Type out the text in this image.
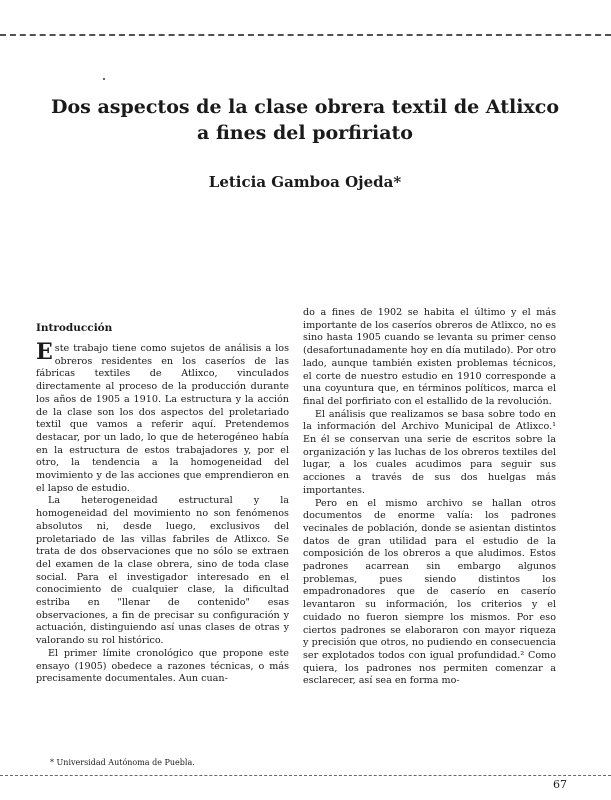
Dos aspectos de la clase obrera textil de Atlixco
a fines del porfiriato
Leticia Gamboa Ojeda*
Introducción

Este trabajo tiene como sujetos de análisis a los obreros residentes en los caseríos de las fábricas textiles de Atlixco, vinculados directamente al proceso de la producción durante los años de 1905 a 1910. La estructura y la acción de la clase son los dos aspectos del proletariado textil que vamos a referir aquí. Pretendemos destacar, por un lado, lo que de heterogéneo había en la estructura de estos trabajadores y, por el otro, la tendencia a la homogeneidad del movimiento y de las acciones que emprendieron en el lapso de estudio.

La heterogeneidad estructural y la homogeneidad del movimiento no son fenómenos absolutos ni, desde luego, exclusivos del proletariado de las villas fabriles de Atlixco. Se trata de dos observaciones que no sólo se extraen del examen de la clase obrera, sino de toda clase social. Para el investigador interesado en el conocimiento de cualquier clase, la dificultad estriba en "llenar de contenido" esas observaciones, a fin de precisar su configuración y actuación, distinguiendo así unas clases de otras y valorando su rol histórico.

El primer límite cronológico que propone este ensayo (1905) obedece a razones técnicas, o más precisamente documentales. Aun cuan-

do a fines de 1902 se habita el último y el más importante de los caseríos obreros de Atlixco, no es sino hasta 1905 cuando se levanta su primer censo (desafortunadamente hoy en día mutilado). Por otro lado, aunque también existen problemas técnicos, el corte de nuestro estudio en 1910 corresponde a una coyuntura que, en términos políticos, marca el final del porfiriato con el estallido de la revolución.

El análisis que realizamos se basa sobre todo en la información del Archivo Municipal de Atlixco.¹ En él se conservan una serie de escritos sobre la organización y las luchas de los obreros textiles del lugar, a los cuales acudimos para seguir sus acciones a través de sus dos huelgas más importantes.

Pero en el mismo archivo se hallan otros documentos de enorme valía: los padrones vecinales de población, donde se asientan distintos datos de gran utilidad para el estudio de la composición de los obreros a que aludimos. Estos padrones acarrean sin embargo algunos problemas, pues siendo distintos los empadronadores que de caserío en caserío levantaron su información, los criterios y el cuidado no fueron siempre los mismos. Por eso ciertos padrones se elaboraron con mayor riqueza y precisión que otros, no pudiendo en consecuencia ser explotados todos con igual profundidad.² Como quiera, los padrones nos permiten comenzar a esclarecer, así sea en forma mo-

* Universidad Autónoma de Puebla.
67
